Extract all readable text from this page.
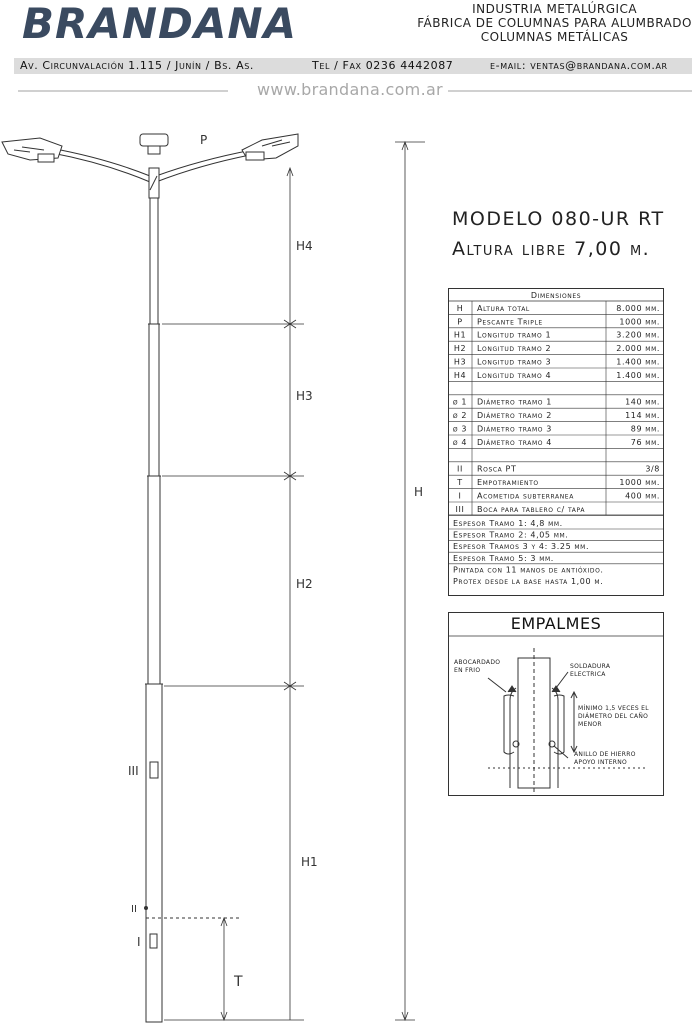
BRANDANA	INDUSTRIA METALÚRGICA
FÁBRICA DE COLUMNAS PARA ALUMBRADO
COLUMNAS METÁLICAS
Av. Circunvalación 1.115 / Junín / Bs. As.	Tel / Fax 0236 4442087	e-mail: ventas@brandana.com.ar
www.brandana.com.ar
MODELO 080-UR RT
Altura libre 7,00 m.
P
H4
H3
H2
H1
H
T
III
I
II
Dimensiones
H Altura total	8.000 mm.
P Pescante Triple	1000 mm.
H1 Longitud tramo 1	3.200 mm.
H2 Longitud tramo 2	2.000 mm.
H3 Longitud tramo 3	1.400 mm.
H4 Longitud tramo 4	1.400 mm.
ø 1 Diámetro tramo 1	140 mm.
ø 2 Diámetro tramo 2	114 mm.
ø 3 Diámetro tramo 3	89 mm.
ø 4 Diámetro tramo 4	76 mm.
II Rosca PT	3/8
T Empotramiento	1000 mm.
I Acometida subterranea	400 mm.
III Boca para tablero c/ tapa
Espesor Tramo 1: 4,8 mm.
Espesor Tramo 2: 4,05 mm.
Espesor Tramos 3 y 4: 3.25 mm.
Espesor Tramo 5: 3 mm.
Pintada con 11 manos de antióxido.
Protex desde la base hasta 1,00 m.
ABOCARDADO
EN FRIO
SOLDADURA
ELECTRICA
MÍNIMO 1,5 VECES EL
DIÁMETRO DEL CAÑO
MENOR
ANILLO DE HIERRO
APOYO INTERNO
EMPALMES
